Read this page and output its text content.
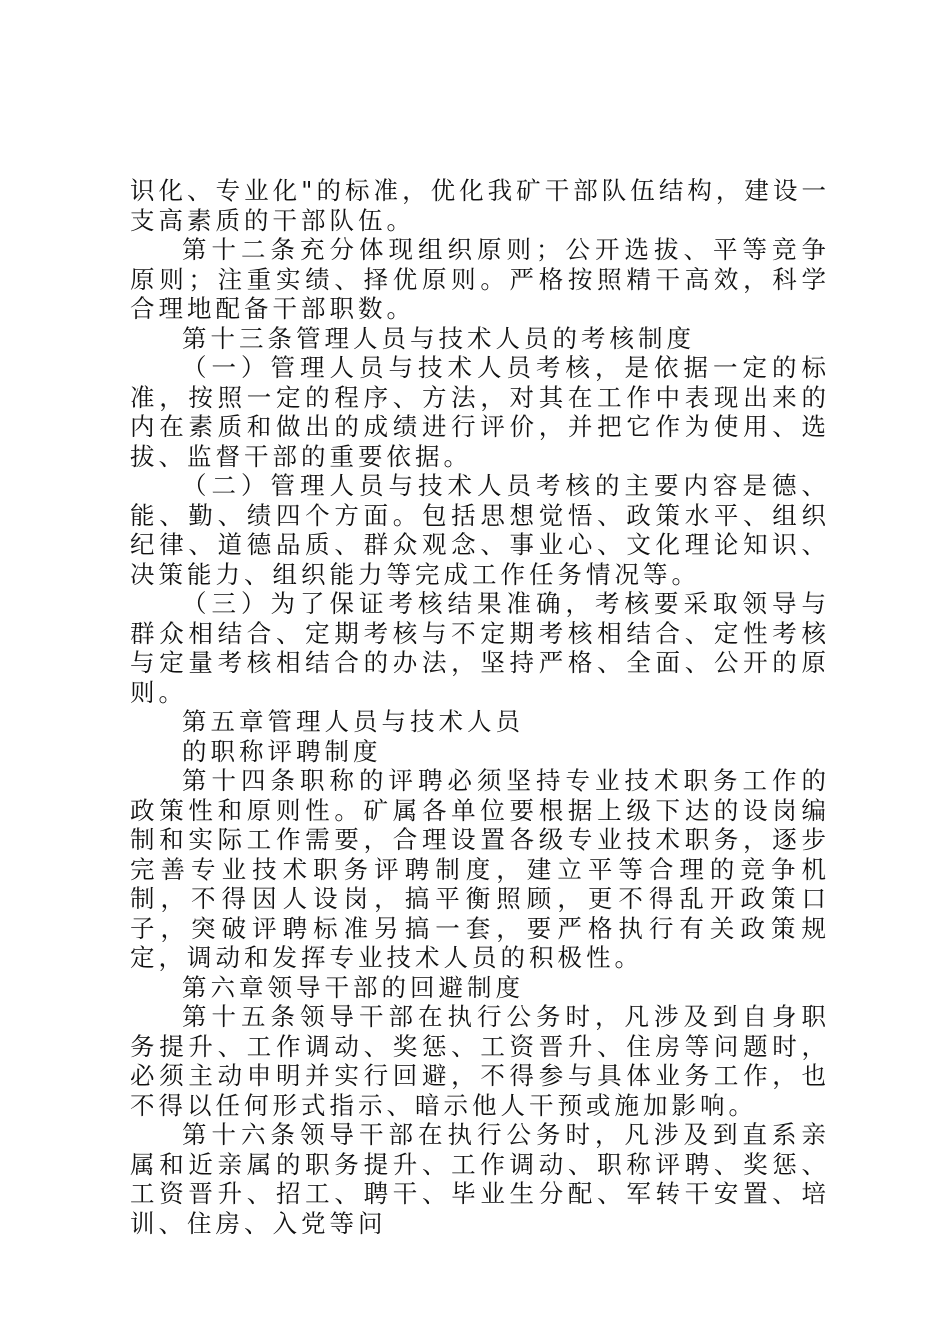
识化、专业化"的标准，优化我矿干部队伍结构，建设一支高素质的干部队伍。

第十二条充分体现组织原则；公开选拔、平等竞争原则；注重实绩、择优原则。严格按照精干高效，科学合理地配备干部职数。

第十三条管理人员与技术人员的考核制度

（一）管理人员与技术人员考核，是依据一定的标准，按照一定的程序、方法，对其在工作中表现出来的内在素质和做出的成绩进行评价，并把它作为使用、选拔、监督干部的重要依据。

（二）管理人员与技术人员考核的主要内容是德、能、勤、绩四个方面。包括思想觉悟、政策水平、组织纪律、道德品质、群众观念、事业心、文化理论知识、决策能力、组织能力等完成工作任务情况等。

（三）为了保证考核结果准确，考核要采取领导与群众相结合、定期考核与不定期考核相结合、定性考核与定量考核相结合的办法，坚持严格、全面、公开的原则。

第五章管理人员与技术人员

的职称评聘制度

第十四条职称的评聘必须坚持专业技术职务工作的政策性和原则性。矿属各单位要根据上级下达的设岗编制和实际工作需要，合理设置各级专业技术职务，逐步完善专业技术职务评聘制度，建立平等合理的竞争机制，不得因人设岗，搞平衡照顾，更不得乱开政策口子，突破评聘标准另搞一套，要严格执行有关政策规定，调动和发挥专业技术人员的积极性。

第六章领导干部的回避制度

第十五条领导干部在执行公务时，凡涉及到自身职务提升、工作调动、奖惩、工资晋升、住房等问题时，必须主动申明并实行回避，不得参与具体业务工作，也不得以任何形式指示、暗示他人干预或施加影响。

第十六条领导干部在执行公务时，凡涉及到直系亲属和近亲属的职务提升、工作调动、职称评聘、奖惩、工资晋升、招工、聘干、毕业生分配、军转干安置、培训、住房、入党等问
